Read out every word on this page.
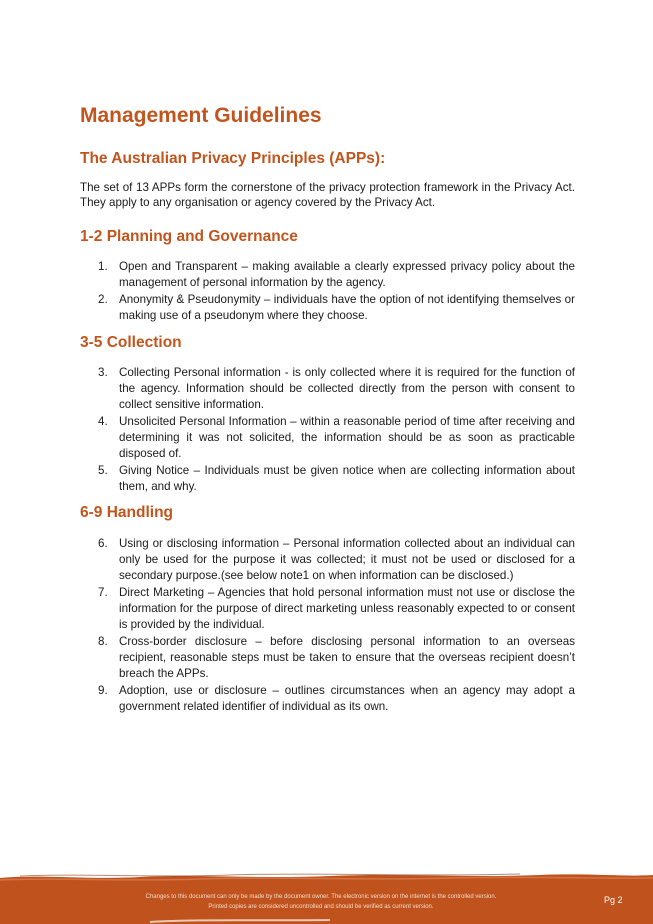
Management Guidelines
The Australian Privacy Principles (APPs):

The set of 13 APPs form the cornerstone of the privacy protection framework in the Privacy Act. They apply to any organisation or agency covered by the Privacy Act.

1-2 Planning and Governance
1. Open and Transparent – making available a clearly expressed privacy policy about the management of personal information by the agency.
2. Anonymity & Pseudonymity – individuals have the option of not identifying themselves or making use of a pseudonym where they choose.
3-5 Collection
3. Collecting Personal information - is only collected where it is required for the function of the agency. Information should be collected directly from the person with consent to collect sensitive information.
4. Unsolicited Personal Information – within a reasonable period of time after receiving and determining it was not solicited, the information should be as soon as practicable disposed of.
5. Giving Notice – Individuals must be given notice when are collecting information about them, and why.
6-9 Handling
6. Using or disclosing information – Personal information collected about an individual can only be used for the purpose it was collected; it must not be used or disclosed for a secondary purpose.(see below note1 on when information can be disclosed.)
7. Direct Marketing – Agencies that hold personal information must not use or disclose the information for the purpose of direct marketing unless reasonably expected to or consent is provided by the individual.
8. Cross-border disclosure – before disclosing personal information to an overseas recipient, reasonable steps must be taken to ensure that the overseas recipient doesn’t breach the APPs.
9. Adoption, use or disclosure – outlines circumstances when an agency may adopt a government related identifier of individual as its own.
Changes to this document can only be made by the document owner. The electronic version on the internet is the controlled version.
Printed copies are considered uncontrolled and should be verified as current version.
Pg 2
